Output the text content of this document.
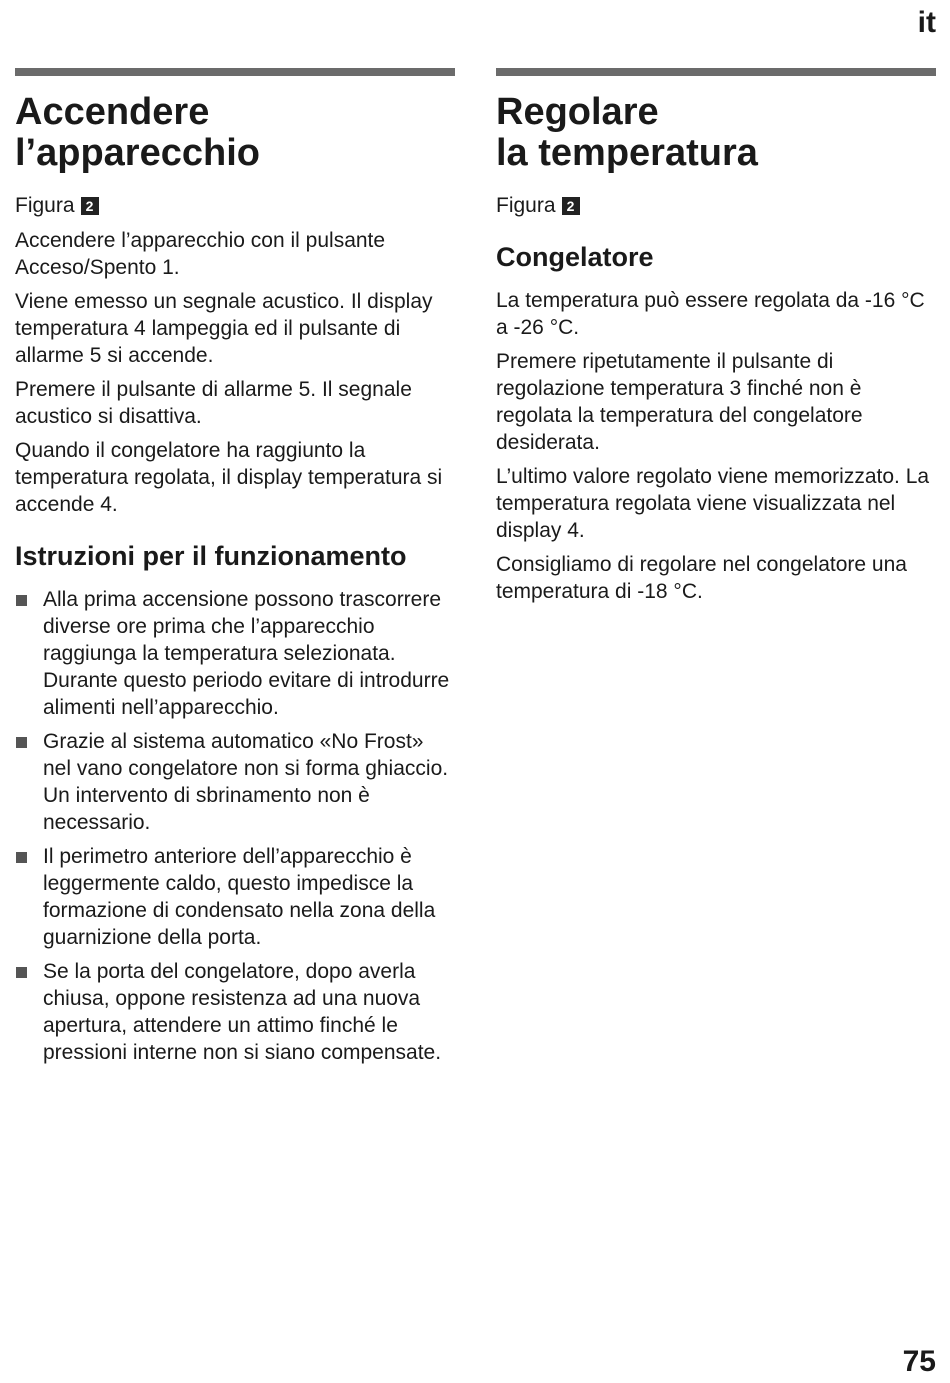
it
Accendere
l’apparecchio

Figura 2

Accendere l’apparecchio con il pulsante Acceso/Spento 1.

Viene emesso un segnale acustico. Il display temperatura 4 lampeggia ed il pulsante di allarme 5 si accende.

Premere il pulsante di allarme 5. Il segnale acustico si disattiva.

Quando il congelatore ha raggiunto la temperatura regolata, il display temperatura si accende 4.

Istruzioni per il funzionamento
Alla prima accensione possono trascorrere diverse ore prima che l’apparecchio raggiunga la temperatura selezionata. Durante questo periodo evitare di introdurre alimenti nell’apparecchio.
Grazie al sistema automatico «No Frost» nel vano congelatore non si forma ghiaccio. Un intervento di sbrinamento non è necessario.
Il perimetro anteriore dell’apparecchio è leggermente caldo, questo impedisce la formazione di condensato nella zona della guarnizione della porta.
Se la porta del congelatore, dopo averla chiusa, oppone resistenza ad una nuova apertura, attendere un attimo finché le pressioni interne non si siano compensate.
Regolare
la temperatura

Figura 2

Congelatore

La temperatura può essere regolata da -16 °C a -26 °C.

Premere ripetutamente il pulsante di regolazione temperatura 3 finché non è regolata la temperatura del congelatore desiderata.

L’ultimo valore regolato viene memorizzato. La temperatura regolata viene visualizzata nel display 4.

Consigliamo di regolare nel congelatore una temperatura di -18 °C.

75
